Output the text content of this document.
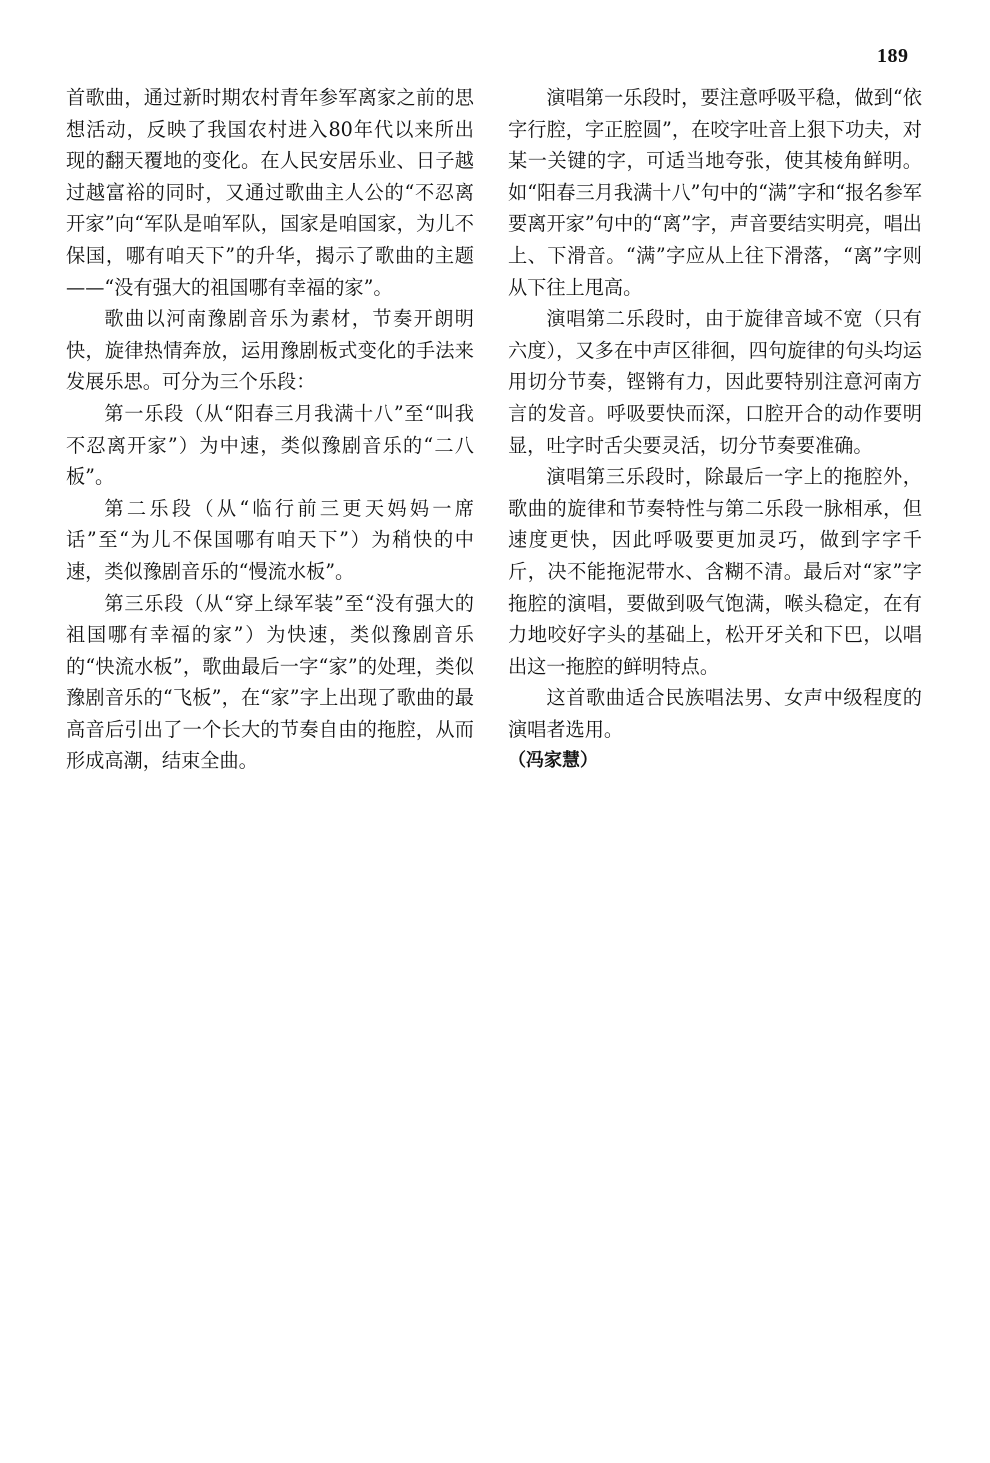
189

首歌曲，通过新时期农村青年参军离家之前的思想活动，反映了我国农村进入80年代以来所出现的翻天覆地的变化。在人民安居乐业、日子越过越富裕的同时，又通过歌曲主人公的“不忍离开家”向“军队是咱军队，国家是咱国家，为儿不保国，哪有咱天下”的升华，揭示了歌曲的主题——“没有强大的祖国哪有幸福的家”。

歌曲以河南豫剧音乐为素材，节奏开朗明快，旋律热情奔放，运用豫剧板式变化的手法来发展乐思。可分为三个乐段：

第一乐段（从“阳春三月我满十八”至“叫我不忍离开家”）为中速，类似豫剧音乐的“二八板”。

第二乐段（从“临行前三更天妈妈一席话”至“为儿不保国哪有咱天下”）为稍快的中速，类似豫剧音乐的“慢流水板”。

第三乐段（从“穿上绿军装”至“没有强大的祖国哪有幸福的家”）为快速，类似豫剧音乐的“快流水板”，歌曲最后一字“家”的处理，类似豫剧音乐的“飞板”，在“家”字上出现了歌曲的最高音后引出了一个长大的节奏自由的拖腔，从而形成高潮，结束全曲。

演唱第一乐段时，要注意呼吸平稳，做到“依字行腔，字正腔圆”，在咬字吐音上狠下功夫，对某一关键的字，可适当地夸张，使其棱角鲜明。如“阳春三月我满十八”句中的“满”字和“报名参军要离开家”句中的“离”字，声音要结实明亮，唱出上、下滑音。“满”字应从上往下滑落，“离”字则从下往上甩高。

演唱第二乐段时，由于旋律音域不宽（只有六度），又多在中声区徘徊，四句旋律的句头均运用切分节奏，铿锵有力，因此要特别注意河南方言的发音。呼吸要快而深，口腔开合的动作要明显，吐字时舌尖要灵活，切分节奏要准确。

演唱第三乐段时，除最后一字上的拖腔外，歌曲的旋律和节奏特性与第二乐段一脉相承，但速度更快，因此呼吸要更加灵巧，做到字字千斤，决不能拖泥带水、含糊不清。最后对“家”字拖腔的演唱，要做到吸气饱满，喉头稳定，在有力地咬好字头的基础上，松开牙关和下巴，以唱出这一拖腔的鲜明特点。

这首歌曲适合民族唱法男、女声中级程度的演唱者选用。

（冯家慧）
